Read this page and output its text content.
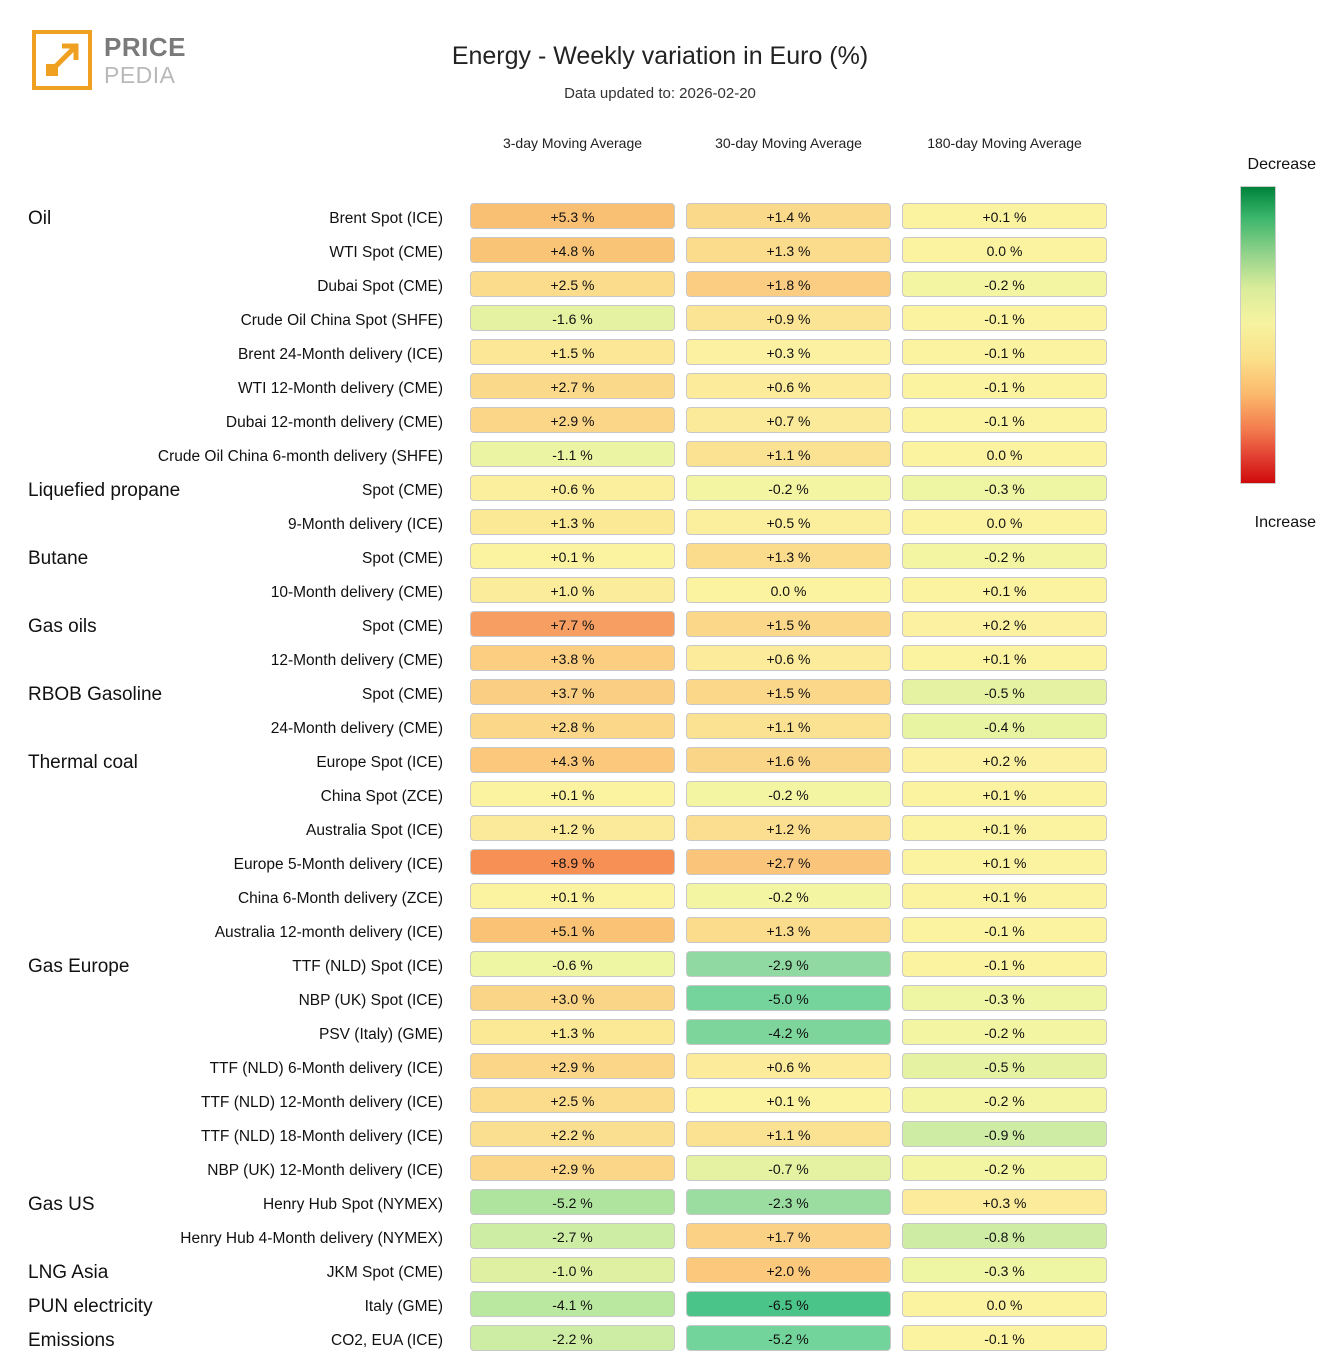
PRICE
PEDIA
Energy - Weekly variation in Euro (%)
Data updated to: 2026-02-20
3-day Moving Average	30-day Moving Average	180-day Moving Average
Oil	Brent Spot (ICE)	+5.3 %	+1.4 %	+0.1 %
WTI Spot (CME)	+4.8 %	+1.3 %	0.0 %
Dubai Spot (CME)	+2.5 %	+1.8 %	-0.2 %
Crude Oil China Spot (SHFE)	-1.6 %	+0.9 %	-0.1 %
Brent 24-Month delivery (ICE)	+1.5 %	+0.3 %	-0.1 %
WTI 12-Month delivery (CME)	+2.7 %	+0.6 %	-0.1 %
Dubai 12-month delivery (CME)	+2.9 %	+0.7 %	-0.1 %
Crude Oil China 6-month delivery (SHFE)	-1.1 %	+1.1 %	0.0 %
Liquefied propane	Spot (CME)	+0.6 %	-0.2 %	-0.3 %
9-Month delivery (ICE)	+1.3 %	+0.5 %	0.0 %
Butane	Spot (CME)	+0.1 %	+1.3 %	-0.2 %
10-Month delivery (CME)	+1.0 %	0.0 %	+0.1 %
Gas oils	Spot (CME)	+7.7 %	+1.5 %	+0.2 %
12-Month delivery (CME)	+3.8 %	+0.6 %	+0.1 %
RBOB Gasoline	Spot (CME)	+3.7 %	+1.5 %	-0.5 %
24-Month delivery (CME)	+2.8 %	+1.1 %	-0.4 %
Thermal coal	Europe Spot (ICE)	+4.3 %	+1.6 %	+0.2 %
China Spot (ZCE)	+0.1 %	-0.2 %	+0.1 %
Australia Spot (ICE)	+1.2 %	+1.2 %	+0.1 %
Europe 5-Month delivery (ICE)	+8.9 %	+2.7 %	+0.1 %
China 6-Month delivery (ZCE)	+0.1 %	-0.2 %	+0.1 %
Australia 12-month delivery (ICE)	+5.1 %	+1.3 %	-0.1 %
Gas Europe	TTF (NLD) Spot (ICE)	-0.6 %	-2.9 %	-0.1 %
NBP (UK) Spot (ICE)	+3.0 %	-5.0 %	-0.3 %
PSV (Italy) (GME)	+1.3 %	-4.2 %	-0.2 %
TTF (NLD) 6-Month delivery (ICE)	+2.9 %	+0.6 %	-0.5 %
TTF (NLD) 12-Month delivery (ICE)	+2.5 %	+0.1 %	-0.2 %
TTF (NLD) 18-Month delivery (ICE)	+2.2 %	+1.1 %	-0.9 %
NBP (UK) 12-Month delivery (ICE)	+2.9 %	-0.7 %	-0.2 %
Gas US	Henry Hub Spot (NYMEX)	-5.2 %	-2.3 %	+0.3 %
Henry Hub 4-Month delivery (NYMEX)	-2.7 %	+1.7 %	-0.8 %
LNG Asia	JKM Spot (CME)	-1.0 %	+2.0 %	-0.3 %
PUN electricity	Italy (GME)	-4.1 %	-6.5 %	0.0 %
Emissions	CO2, EUA (ICE)	-2.2 %	-5.2 %	-0.1 %
Decrease
Increase
